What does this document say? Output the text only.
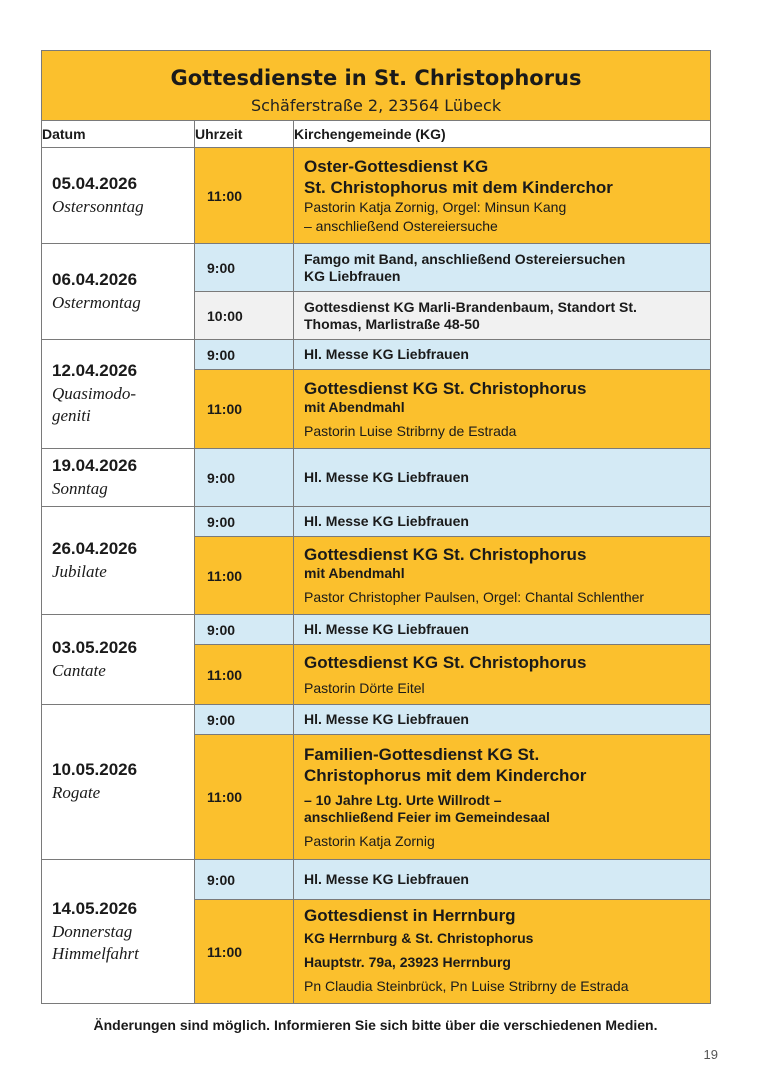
Gottesdienste in St. Christophorus
Schäferstraße 2, 23564 Lübeck		

Datum	Uhrzeit	Kirchengemeinde (KG)

05.04.2026
Ostersonntag	11:00	Oster-Gottesdienst KG
St. Christophorus mit dem Kinderchor
Pastorin Katja Zornig, Orgel: Minsun Kang
– anschließend Ostereiersuche

06.04.2026
Ostermontag	9:00	Famgo mit Band, anschließend Ostereiersuchen
KG Liebfrauen

	10:00	Gottesdienst KG Marli-Brandenbaum, Standort St.
Thomas, Marlistraße 48-50

12.04.2026
Quasimodo-
geniti	9:00	Hl. Messe KG Liebfrauen

	11:00	Gottesdienst KG St. Christophorus
mit Abendmahl
Pastorin Luise Stribrny de Estrada

19.04.2026
Sonntag	9:00	Hl. Messe KG Liebfrauen

26.04.2026
Jubilate	9:00	Hl. Messe KG Liebfrauen

	11:00	Gottesdienst KG St. Christophorus
mit Abendmahl
Pastor Christopher Paulsen, Orgel: Chantal Schlenther

03.05.2026
Cantate	9:00	Hl. Messe KG Liebfrauen

	11:00	Gottesdienst KG St. Christophorus
Pastorin Dörte Eitel

10.05.2026
Rogate	9:00	Hl. Messe KG Liebfrauen

	11:00	Familien-Gottesdienst KG St.
Christophorus mit dem Kinderchor
– 10 Jahre Ltg. Urte Willrodt –
anschließend Feier im Gemeindesaal
Pastorin Katja Zornig

14.05.2026
Donnerstag
Himmelfahrt	9:00	Hl. Messe KG Liebfrauen

	11:00	Gottesdienst in Herrnburg
KG Herrnburg & St. Christophorus
Hauptstr. 79a, 23923 Herrnburg
Pn Claudia Steinbrück, Pn Luise Stribrny de Estrada
Änderungen sind möglich. Informieren Sie sich bitte über die verschiedenen Medien.
19
